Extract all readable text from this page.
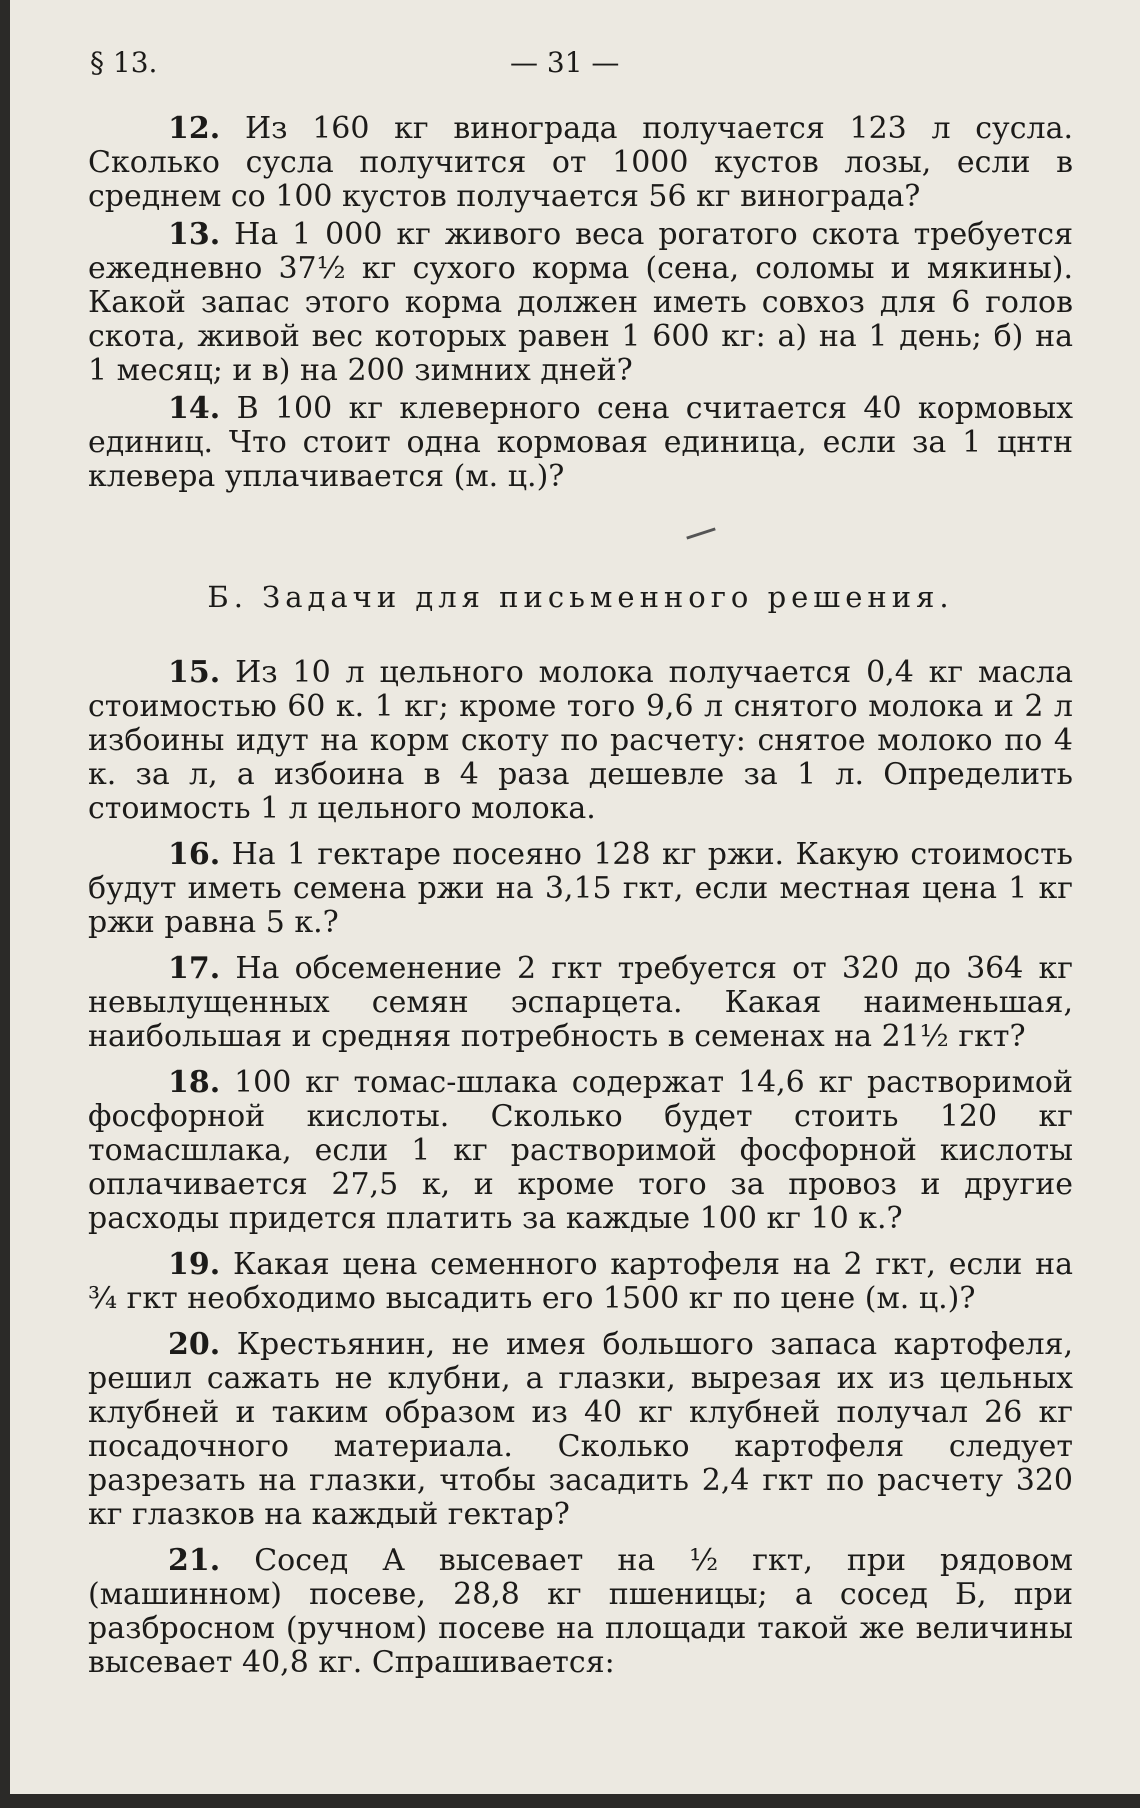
§ 13.	— 31 —

12. Из 160 кг винограда получается 123 л сусла. Сколько сусла получится от 1000 кустов лозы, если в среднем со 100 кустов получается 56 кг винограда?

13. На 1 000 кг живого веса рогатого скота требуется ежедневно 37½ кг сухого корма (сена, соломы и мякины). Какой запас этого корма должен иметь совхоз для 6 голов скота, живой вес которых равен 1 600 кг: а) на 1 день; б) на 1 месяц; и в) на 200 зимних дней?

14. В 100 кг клеверного сена считается 40 кормовых единиц. Что стоит одна кормовая единица, если за 1 цнтн клевера уплачивается (м. ц.)?

Б. Задачи для письменного решения.

15. Из 10 л цельного молока получается 0,4 кг масла стоимостью 60 к. 1 кг; кроме того 9,6 л снятого молока и 2 л избоины идут на корм скоту по расчету: снятое молоко по 4 к. за л, а избоина в 4 раза дешевле за 1 л. Определить стоимость 1 л цельного молока.

16. На 1 гектаре посеяно 128 кг ржи. Какую стоимость будут иметь семена ржи на 3,15 гкт, если местная цена 1 кг ржи равна 5 к.?

17. На обсеменение 2 гкт требуется от 320 до 364 кг невылущенных семян эспарцета. Какая наименьшая, наибольшая и средняя потребность в семенах на 21½ гкт?

18. 100 кг томас-шлака содержат 14,6 кг растворимой фосфорной кислоты. Сколько будет стоить 120 кг томасшлака, если 1 кг растворимой фосфорной кислоты оплачивается 27,5 к, и кроме того за провоз и другие расходы придется платить за каждые 100 кг 10 к.?

19. Какая цена семенного картофеля на 2 гкт, если на ¾ гкт необходимо высадить его 1500 кг по цене (м. ц.)?

20. Крестьянин, не имея большого запаса картофеля, решил сажать не клубни, а глазки, вырезая их из цельных клубней и таким образом из 40 кг клубней получал 26 кг посадочного материала. Сколько картофеля следует разрезать на глазки, чтобы засадить 2,4 гкт по расчету 320 кг глазков на каждый гектар?

21. Сосед А высевает на ½ гкт, при рядовом (машинном) посеве, 28,8 кг пшеницы; а сосед Б, при разбросном (ручном) посеве на площади такой же величины высевает 40,8 кг. Спрашивается:
